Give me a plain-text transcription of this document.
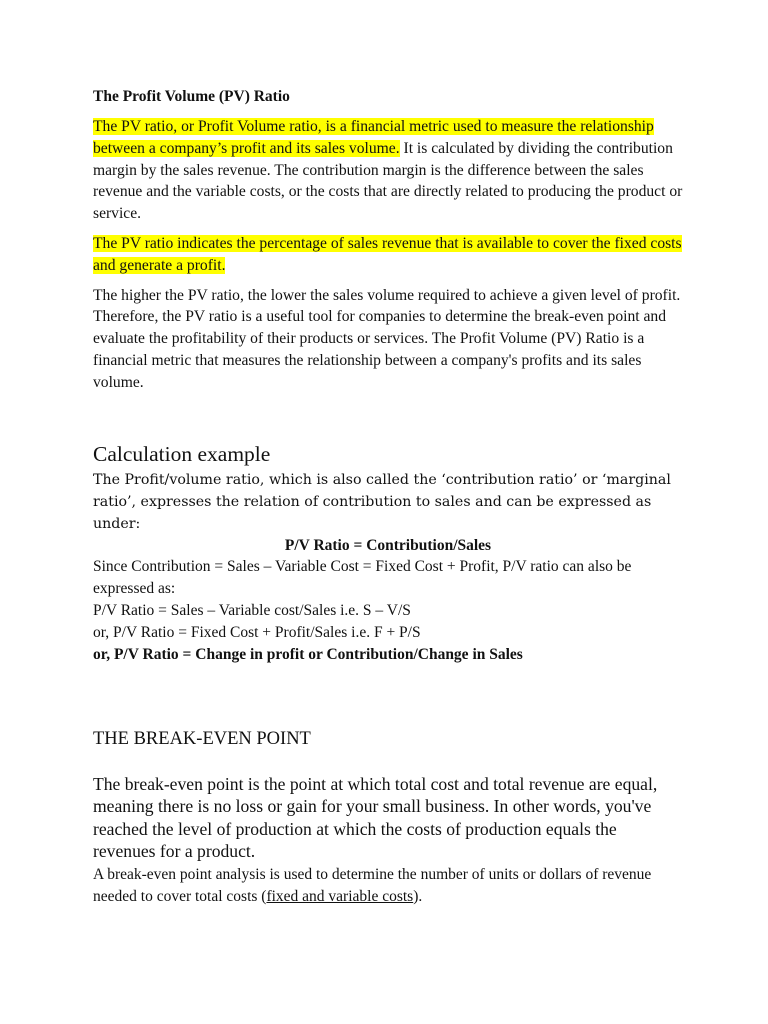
The Profit Volume (PV) Ratio

The PV ratio, or Profit Volume ratio, is a financial metric used to measure the relationship between a company’s profit and its sales volume. It is calculated by dividing the contribution margin by the sales revenue. The contribution margin is the difference between the sales revenue and the variable costs, or the costs that are directly related to producing the product or service.

The PV ratio indicates the percentage of sales revenue that is available to cover the fixed costs and generate a profit.

The higher the PV ratio, the lower the sales volume required to achieve a given level of profit. Therefore, the PV ratio is a useful tool for companies to determine the break-even point and evaluate the profitability of their products or services. The Profit Volume (PV) Ratio is a financial metric that measures the relationship between a company's profits and its sales volume.

Calculation example

The Profit/volume ratio, which is also called the ‘contribution ratio’ or ‘marginal ratio’, expresses the relation of contribution to sales and can be expressed as under:

P/V Ratio = Contribution/Sales

Since Contribution = Sales – Variable Cost = Fixed Cost + Profit, P/V ratio can also be expressed as:

P/V Ratio = Sales – Variable cost/Sales i.e. S – V/S

or, P/V Ratio = Fixed Cost + Profit/Sales i.e. F + P/S

or, P/V Ratio = Change in profit or Contribution/Change in Sales

THE BREAK-EVEN POINT

The break-even point is the point at which total cost and total revenue are equal, meaning there is no loss or gain for your small business. In other words, you've reached the level of production at which the costs of production equals the revenues for a product.

A break-even point analysis is used to determine the number of units or dollars of revenue needed to cover total costs (fixed and variable costs).
